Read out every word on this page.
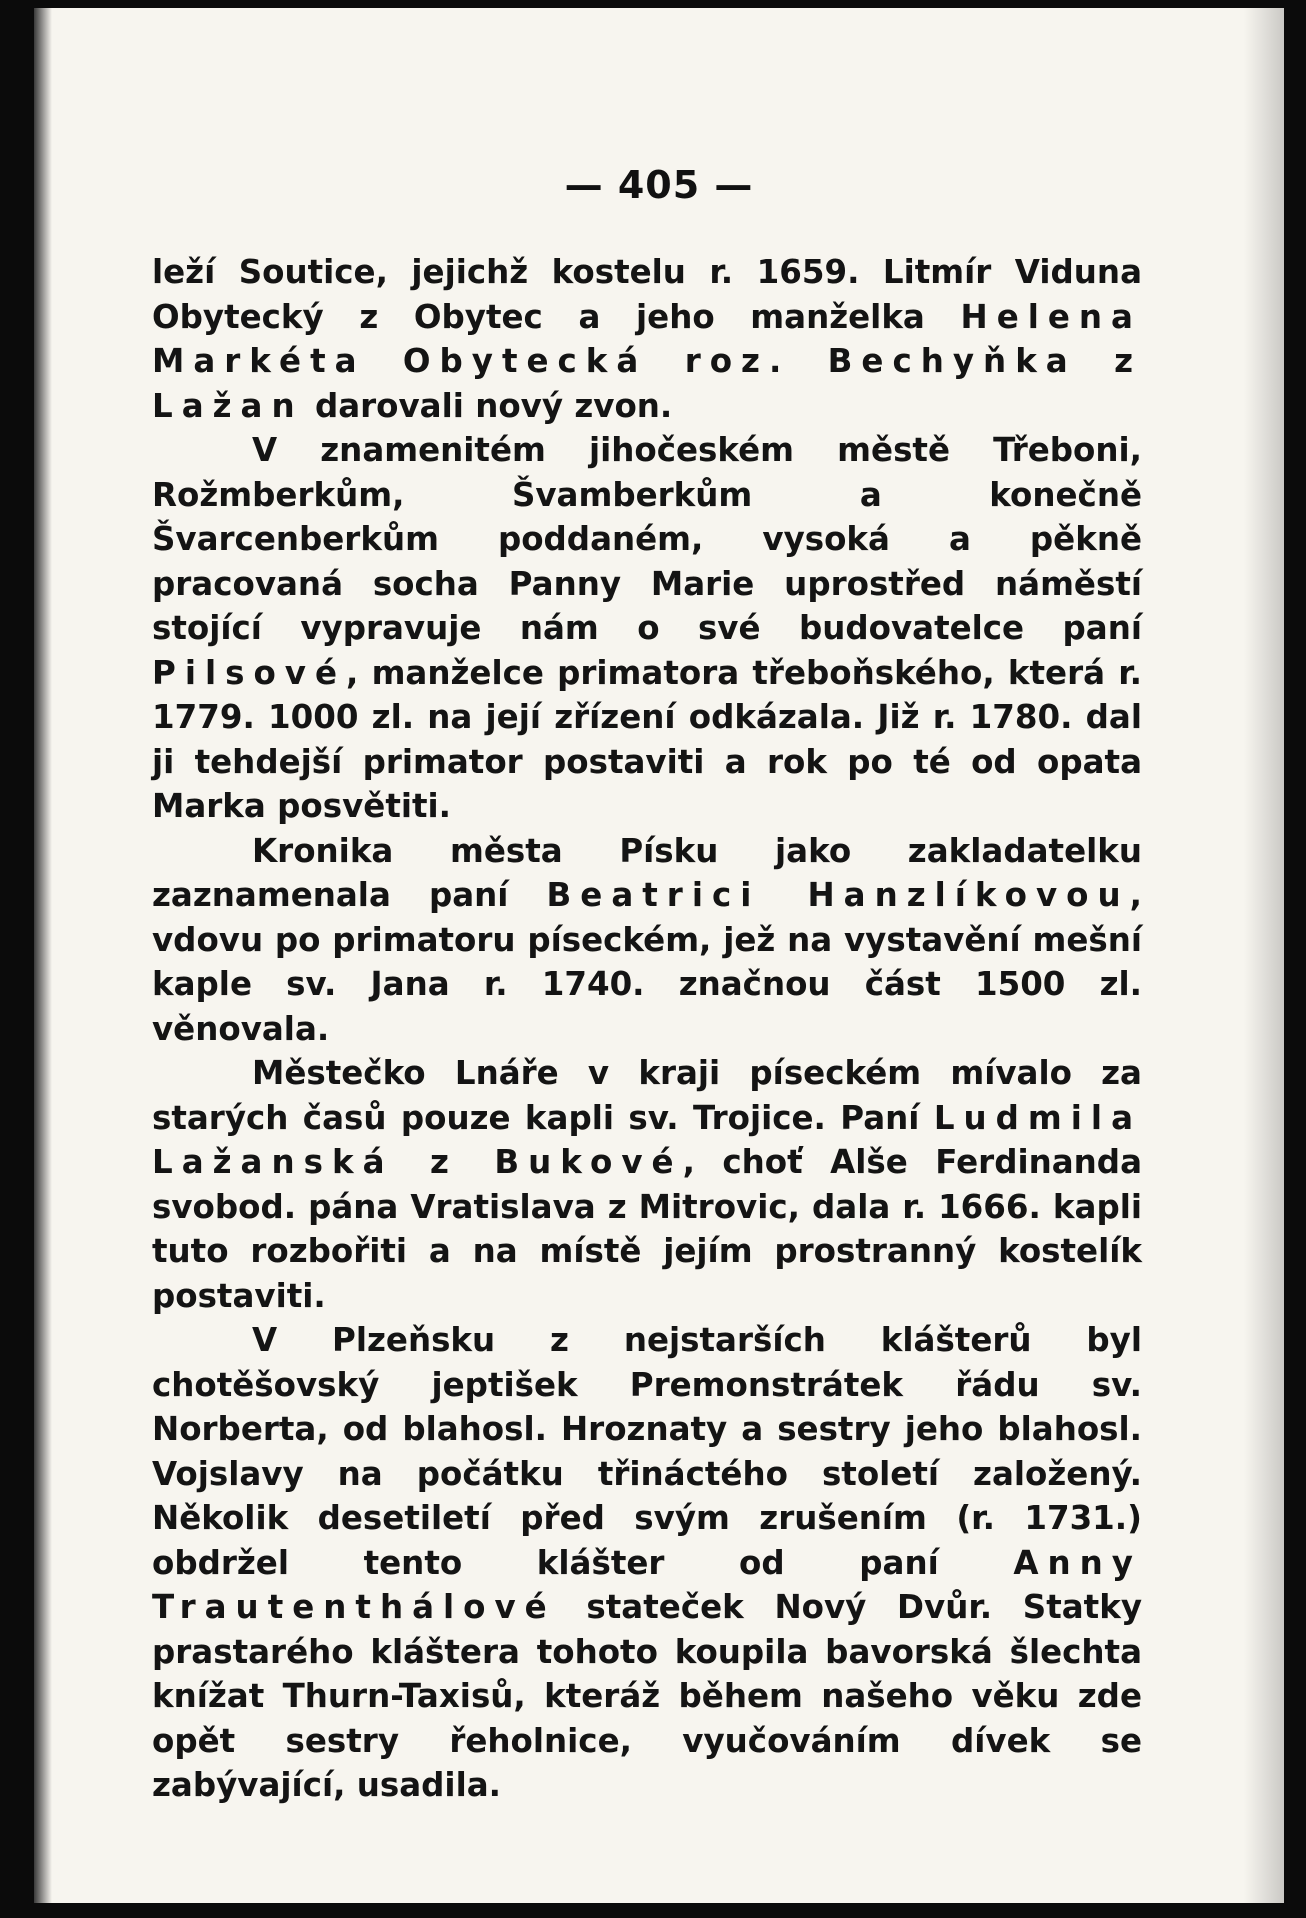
— 405 —

leží Soutice, jejichž kostelu r. 1659. Litmír Viduna Obytecký z Obytec a jeho manželka Helena Markéta Obytecká roz. Bechyňka z Lažan darovali nový zvon.

V znamenitém jihočeském městě Třeboni, Rožmberkům, Švamberkům a konečně Švarcenberkům poddaném, vysoká a pěkně pracovaná socha Panny Marie uprostřed náměstí stojící vypravuje nám o své budovatelce paní Pilsové, manželce primatora třeboňského, která r. 1779. 1000 zl. na její zřízení odkázala. Již r. 1780. dal ji tehdejší primator postaviti a rok po té od opata Marka posvětiti.

Kronika města Písku jako zakladatelku zaznamenala paní Beatrici Hanzlíkovou, vdovu po primatoru píseckém, jež na vystavění mešní kaple sv. Jana r. 1740. značnou část 1500 zl. věnovala.

Městečko Lnáře v kraji píseckém mívalo za starých časů pouze kapli sv. Trojice. Paní Ludmila Lažanská z Bukové, choť Alše Ferdinanda svobod. pána Vratislava z Mitrovic, dala r. 1666. kapli tuto rozbořiti a na místě jejím prostranný kostelík postaviti.

V Plzeňsku z nejstarších klášterů byl chotěšovský jeptišek Premonstrátek řádu sv. Norberta, od blahosl. Hroznaty a sestry jeho blahosl. Vojslavy na počátku třináctého století založený. Několik desetiletí před svým zrušením (r. 1731.) obdržel tento klášter od paní Anny Trautenthálové stateček Nový Dvůr. Statky prastarého kláštera tohoto koupila bavorská šlechta knížat Thurn-Taxisů, kteráž během našeho věku zde opět sestry řeholnice, vyučováním dívek se zabývající, usadila.
